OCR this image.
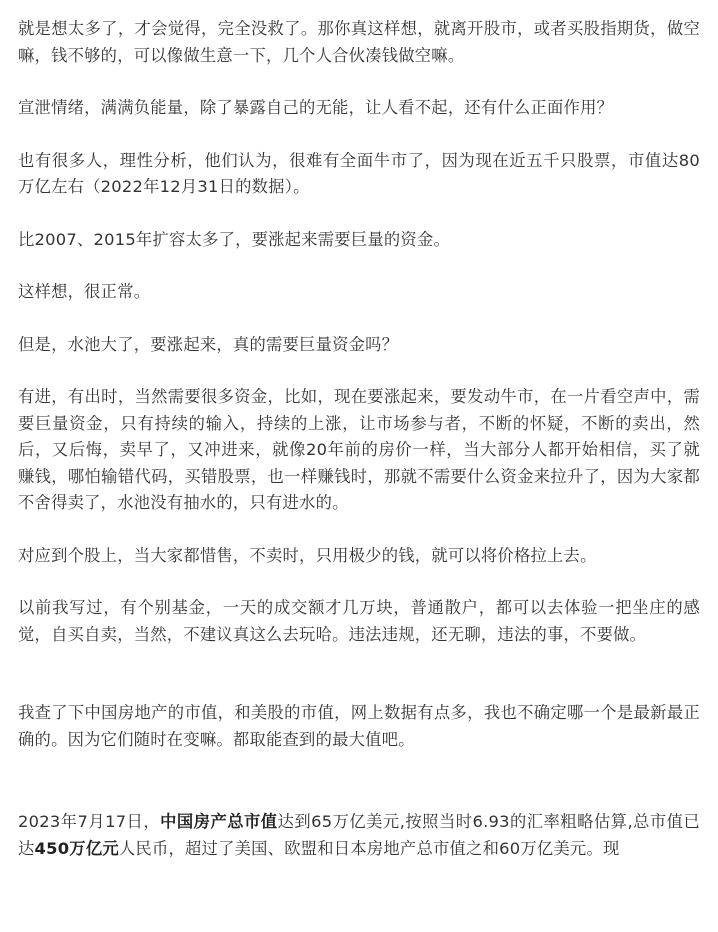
就是想太多了，才会觉得，完全没救了。那你真这样想，就离开股市，或者买股指期货，做空嘛，钱不够的，可以像做生意一下，几个人合伙凑钱做空嘛。

宣泄情绪，满满负能量，除了暴露自己的无能，让人看不起，还有什么正面作用？

也有很多人，理性分析，他们认为，很难有全面牛市了，因为现在近五千只股票，市值达80万亿左右（2022年12月31日的数据）。

比2007、2015年扩容太多了，要涨起来需要巨量的资金。

这样想，很正常。

但是，水池大了，要涨起来，真的需要巨量资金吗？

有进，有出时，当然需要很多资金，比如，现在要涨起来，要发动牛市，在一片看空声中，需要巨量资金，只有持续的输入，持续的上涨，让市场参与者，不断的怀疑，不断的卖出，然后，又后悔，卖早了，又冲进来，就像20年前的房价一样，当大部分人都开始相信，买了就赚钱，哪怕输错代码，买错股票，也一样赚钱时，那就不需要什么资金来拉升了，因为大家都不舍得卖了，水池没有抽水的，只有进水的。

对应到个股上，当大家都惜售，不卖时，只用极少的钱，就可以将价格拉上去。

以前我写过，有个别基金，一天的成交额才几万块，普通散户，都可以去体验一把坐庄的感觉，自买自卖，当然，不建议真这么去玩哈。违法违规，还无聊，违法的事，不要做。

我查了下中国房地产的市值，和美股的市值，网上数据有点多，我也不确定哪一个是最新最正确的。因为它们随时在变嘛。都取能查到的最大值吧。

2023年7月17日，中国房产总市值达到65万亿美元,按照当时6.93的汇率粗略估算,总市值已达450万亿元人民币，超过了美国、欧盟和日本房地产总市值之和60万亿美元。现
